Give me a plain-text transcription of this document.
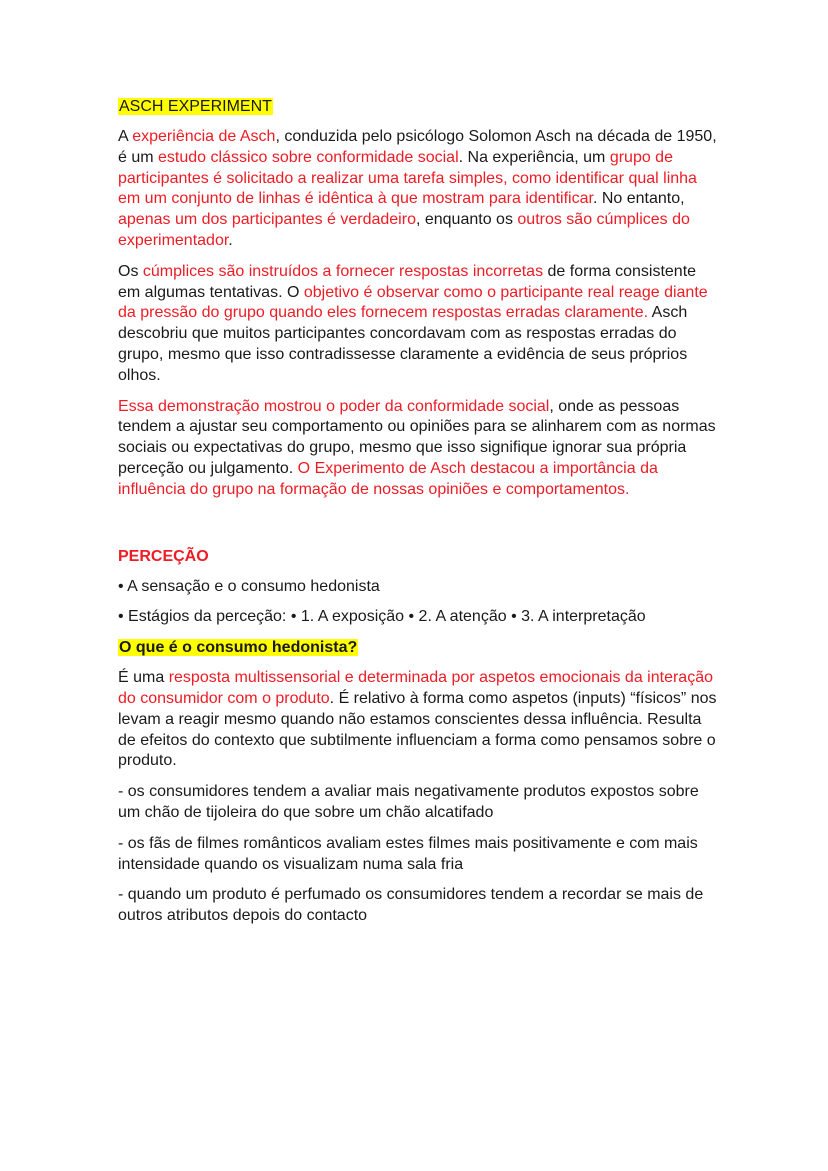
ASCH EXPERIMENT

A experiência de Asch, conduzida pelo psicólogo Solomon Asch na década de 1950, é um estudo clássico sobre conformidade social. Na experiência, um grupo de participantes é solicitado a realizar uma tarefa simples, como identificar qual linha em um conjunto de linhas é idêntica à que mostram para identificar. No entanto, apenas um dos participantes é verdadeiro, enquanto os outros são cúmplices do experimentador.

Os cúmplices são instruídos a fornecer respostas incorretas de forma consistente em algumas tentativas. O objetivo é observar como o participante real reage diante da pressão do grupo quando eles fornecem respostas erradas claramente. Asch descobriu que muitos participantes concordavam com as respostas erradas do grupo, mesmo que isso contradissesse claramente a evidência de seus próprios olhos.

Essa demonstração mostrou o poder da conformidade social, onde as pessoas tendem a ajustar seu comportamento ou opiniões para se alinharem com as normas sociais ou expectativas do grupo, mesmo que isso signifique ignorar sua própria perceção ou julgamento. O Experimento de Asch destacou a importância da influência do grupo na formação de nossas opiniões e comportamentos.

PERCEÇÃO
• A sensação e o consumo hedonista
• Estágios da perceção: • 1. A exposição • 2. A atenção • 3. A interpretação
O que é o consumo hedonista?

É uma resposta multissensorial e determinada por aspetos emocionais da interação do consumidor com o produto. É relativo à forma como aspetos (inputs) “físicos” nos levam a reagir mesmo quando não estamos conscientes dessa influência. Resulta de efeitos do contexto que subtilmente influenciam a forma como pensamos sobre o produto.

- os consumidores tendem a avaliar mais negativamente produtos expostos sobre um chão de tijoleira do que sobre um chão alcatifado
- os fãs de filmes românticos avaliam estes filmes mais positivamente e com mais intensidade quando os visualizam numa sala fria
- quando um produto é perfumado os consumidores tendem a recordar se mais de outros atributos depois do contacto
